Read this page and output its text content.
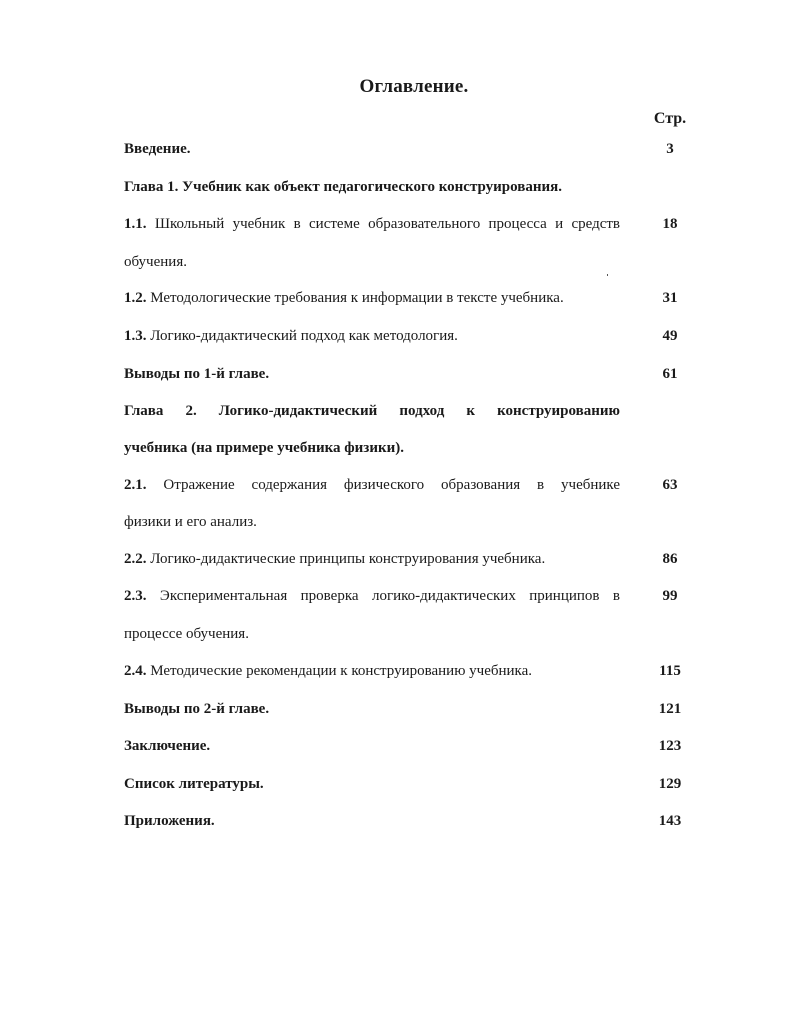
Оглавление.
Стр.
Введение.	3
Глава 1. Учебник как объект педагогического конструирования.
1.1. Школьный учебник в системе образовательного процесса и средств	18
обучения.
1.2. Методологические требования к информации в тексте учебника.	31
1.3. Логико-дидактический подход как методология.	49
Выводы по 1-й главе.	61
Глава 2. Логико-дидактический подход к конструированию
учебника (на примере учебника физики).
2.1. Отражение содержания физического образования в учебнике	63
физики и его анализ.
2.2. Логико-дидактические принципы конструирования учебника.	86
2.3. Экспериментальная проверка логико-дидактических принципов в	99
процессе обучения.
2.4. Методические рекомендации к конструированию учебника.	115
Выводы по 2-й главе.	121
Заключение.	123
Список литературы.	129
Приложения.	143
